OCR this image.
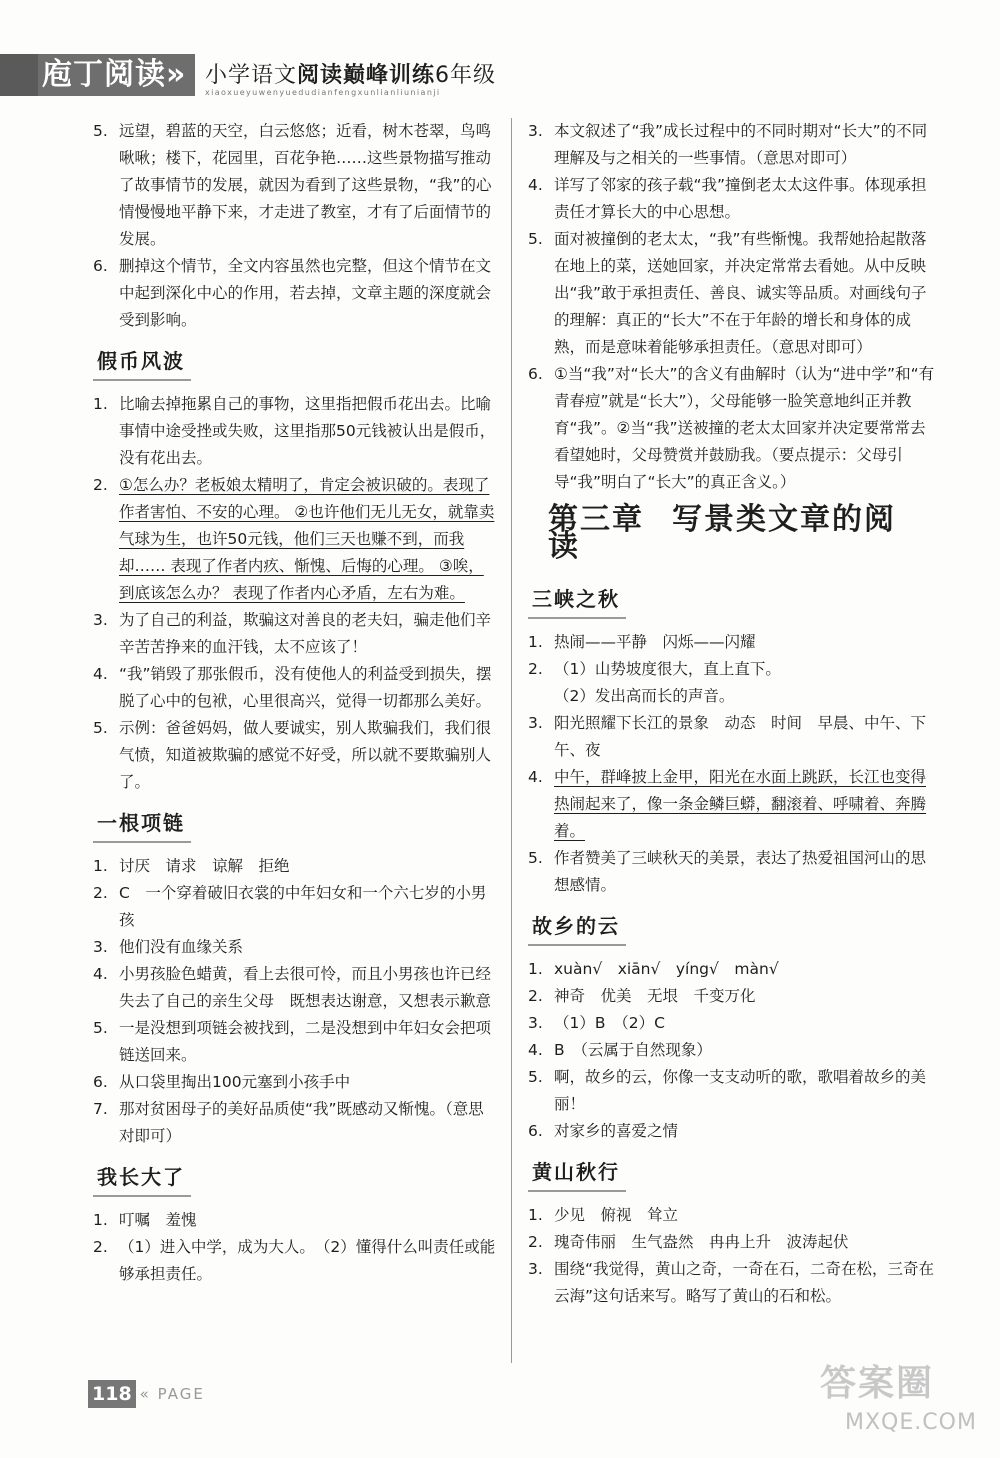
庖丁阅读» 小学语文阅读巅峰训练6年级
xiaoxueyuwenyuedudianfengxunlianliunianji
5. 远望，碧蓝的天空，白云悠悠；近看，树木苍翠，鸟鸣啾啾；楼下，花园里，百花争艳……这些景物描写推动了故事情节的发展，就因为看到了这些景物，“我”的心情慢慢地平静下来，才走进了教室，才有了后面情节的发展。
6. 删掉这个情节，全文内容虽然也完整，但这个情节在文中起到深化中心的作用，若去掉，文章主题的深度就会受到影响。
假币风波
1. 比喻去掉拖累自己的事物，这里指把假币花出去。比喻事情中途受挫或失败，这里指那50元钱被认出是假币，没有花出去。
2. ①怎么办？老板娘太精明了，肯定会被识破的。表现了作者害怕、不安的心理。 ②也许他们无儿无女，就靠卖气球为生，也许50元钱，他们三天也赚不到，而我却…… 表现了作者内疚、惭愧、后悔的心理。 ③唉，到底该怎么办？ 表现了作者内心矛盾，左右为难。
3. 为了自己的利益，欺骗这对善良的老夫妇，骗走他们辛辛苦苦挣来的血汗钱，太不应该了！
4. “我”销毁了那张假币，没有使他人的利益受到损失，摆脱了心中的包袱，心里很高兴，觉得一切都那么美好。
5. 示例：爸爸妈妈，做人要诚实，别人欺骗我们，我们很气愤，知道被欺骗的感觉不好受，所以就不要欺骗别人了。
一根项链
1. 讨厌　请求　谅解　拒绝
2. C　一个穿着破旧衣裳的中年妇女和一个六七岁的小男孩
3. 他们没有血缘关系
4. 小男孩脸色蜡黄，看上去很可怜，而且小男孩也许已经失去了自己的亲生父母　既想表达谢意，又想表示歉意
5. 一是没想到项链会被找到，二是没想到中年妇女会把项链送回来。
6. 从口袋里掏出100元塞到小孩手中
7. 那对贫困母子的美好品质使“我”既感动又惭愧。（意思对即可）
我长大了
1. 叮嘱　羞愧
2. （1）进入中学，成为大人。　（2）懂得什么叫责任或能够承担责任。
3. 本文叙述了“我”成长过程中的不同时期对“长大”的不同理解及与之相关的一些事情。（意思对即可）
4. 详写了邻家的孩子载“我”撞倒老太太这件事。体现承担责任才算长大的中心思想。
5. 面对被撞倒的老太太，“我”有些惭愧。我帮她拾起散落在地上的菜，送她回家，并决定常常去看她。从中反映出“我”敢于承担责任、善良、诚实等品质。对画线句子的理解：真正的“长大”不在于年龄的增长和身体的成熟，而是意味着能够承担责任。（意思对即可）
6. ①当“我”对“长大”的含义有曲解时（认为“进中学”和“有青春痘”就是“长大”），父母能够一脸笑意地纠正并教育“我”。②当“我”送被撞的老太太回家并决定要常常去看望她时，父母赞赏并鼓励我。（要点提示：父母引导“我”明白了“长大”的真正含义。）
第三章 写景类文章的阅读
三峡之秋
1. 热闹——平静　闪烁——闪耀
2. （1）山势坡度很大，直上直下。
（2）发出高而长的声音。
3. 阳光照耀下长江的景象　动态　时间　早晨、中午、下午、夜
4. 中午，群峰披上金甲，阳光在水面上跳跃，长江也变得热闹起来了，像一条金鳞巨蟒，翻滚着、呼啸着、奔腾着。
5. 作者赞美了三峡秋天的美景，表达了热爱祖国河山的思想感情。
故乡的云
1. xuàn√　xiān√　yíng√　màn√
2. 神奇　优美　无垠　千变万化
3. （1）B　（2）C
4. B　（云属于自然现象）
5. 啊，故乡的云，你像一支支动听的歌，歌唱着故乡的美丽！
6. 对家乡的喜爱之情
黄山秋行
1. 少见　俯视　耸立
2. 瑰奇伟丽　生气盎然　冉冉上升　波涛起伏
3. 围绕“我觉得，黄山之奇，一奇在石，二奇在松，三奇在云海”这句话来写。略写了黄山的石和松。
118 « PAGE	答案圈
MXQE.COM
